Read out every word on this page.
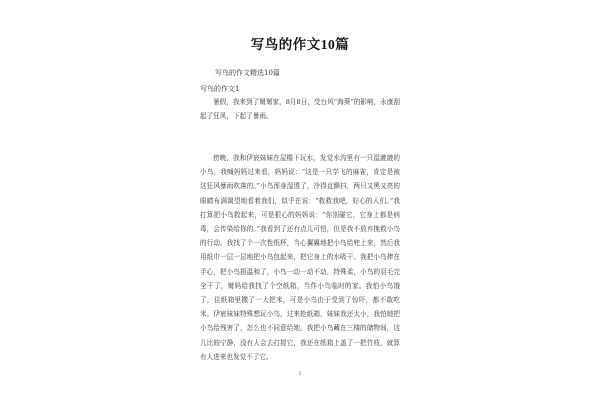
写鸟的作文10篇
写鸟的作文精选10篇
写鸟的作文1

暑假，我来到了舅舅家，8月8日，受台风“海葵”的影响，永康刮起了狂风，下起了暴雨。

傍晚，我和伊宸妹妹在屋檐下玩水，发觉水沟里有一只湿漉漉的小鸟，我喊妈妈过来看，妈妈说：“这是一只学飞的麻雀，肯定是被这狂风暴雨吹落的。”小鸟浑身湿透了，冷得直颤抖，两只又黑又亮的眼睛布满渴望地看着我们，似乎在说：“救救我吧，好心的人们。”我打算把小鸟救起来，可是狠心的妈妈说：“你别碰它，它身上都是病毒，会传染给你的。”我看到了还有点儿可怕，但是我不放弃挽救小鸟的行动。我找了个一次性纸杯，当心翼翼地把小鸟给兜上来，然后我用纸巾一层一层地把小鸟包起来，把它身上的水吸干。我把小鸟捧在手心，把小鸟捂温和了，小鸟一动一动不动，特殊柔，小鸟的羽毛完全干了，舅妈给我找了个空纸箱，当作小鸟临时的家。我怕小鸟饿了，往纸箱里撒了一大把米，可是小鸟由于受到了惊吓，都不敢吃米。伊宸妹妹特殊想玩小鸟，过来抢纸箱，妹妹我还太小，我怕她把小鸟给残害了，怎么也不同意给她。我把小鸟藏在三楼的储物间，这儿比较宁静，没有人会去打搅它，我还在纸箱上盖了一把竹枝，就算有人进来也发觉不了它。

1
